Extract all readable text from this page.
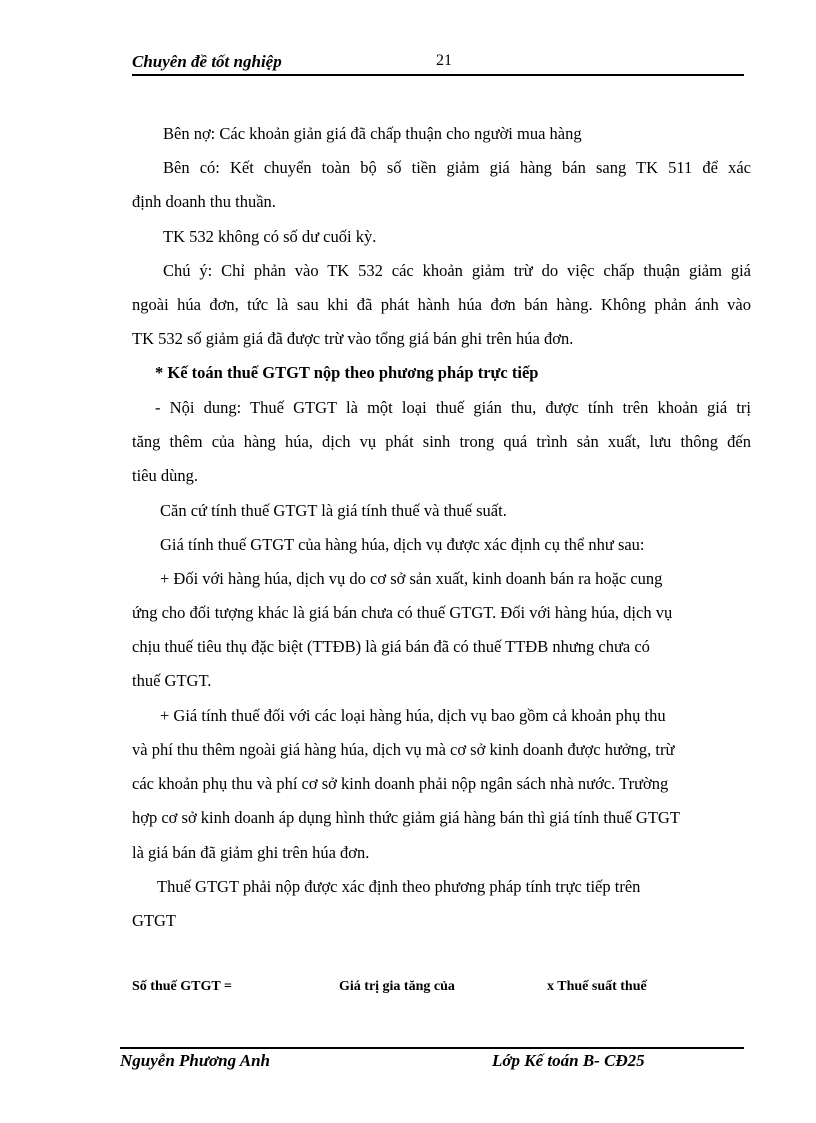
Chuyên đề tốt nghiệp	21
Bên nợ: Các khoản giản giá đã chấp thuận cho người mua hàng
Bên có: Kết chuyển toàn bộ số tiền giảm giá hàng bán sang TK 511 để xác
định doanh thu thuần.
TK 532 không có số dư cuối kỳ.
Chú ý: Chỉ phản vào TK 532 các khoản giảm trừ do việc chấp thuận giảm giá
ngoài húa đơn, tức là sau khi đã phát hành húa đơn bán hàng. Không phản ánh vào
TK 532 số giảm giá đã được trừ vào tổng giá bán ghi trên húa đơn.
* Kế toán thuế GTGT nộp theo phương pháp trực tiếp
- Nội dung: Thuế GTGT là một loại thuế gián thu, được tính trên khoản giá trị
tăng thêm của hàng húa, dịch vụ phát sinh trong quá trình sản xuất, lưu thông đến
tiêu dùng.
Căn cứ tính thuế GTGT là giá tính thuế và thuế suất.
Giá tính thuế GTGT của hàng húa, dịch vụ được xác định cụ thể như sau:
+ Đối với hàng húa, dịch vụ do cơ sở sản xuất, kinh doanh bán ra hoặc cung
ứng cho đối tượng khác là giá bán chưa có thuế GTGT. Đối với hàng húa, dịch vụ
chịu thuế tiêu thụ đặc biệt (TTĐB) là giá bán đã có thuế TTĐB nhưng chưa có
thuế GTGT.
+ Giá tính thuế đối với các loại hàng húa, dịch vụ bao gồm cả khoản phụ thu
và phí thu thêm ngoài giá hàng húa, dịch vụ mà cơ sở kinh doanh được hưởng, trừ
các khoản phụ thu và phí cơ sở kinh doanh phải nộp ngân sách nhà nước. Trường
hợp cơ sở kinh doanh áp dụng hình thức giảm giá hàng bán thì giá tính thuế GTGT
là giá bán đã giảm ghi trên húa đơn.
Thuế GTGT phải nộp được xác định theo phương pháp tính trực tiếp trên
GTGT
Số thuế GTGT =	Giá trị gia tăng của	x Thuế suất thuế
Nguyễn Phương Anh	Lớp Kế toán B- CĐ25
